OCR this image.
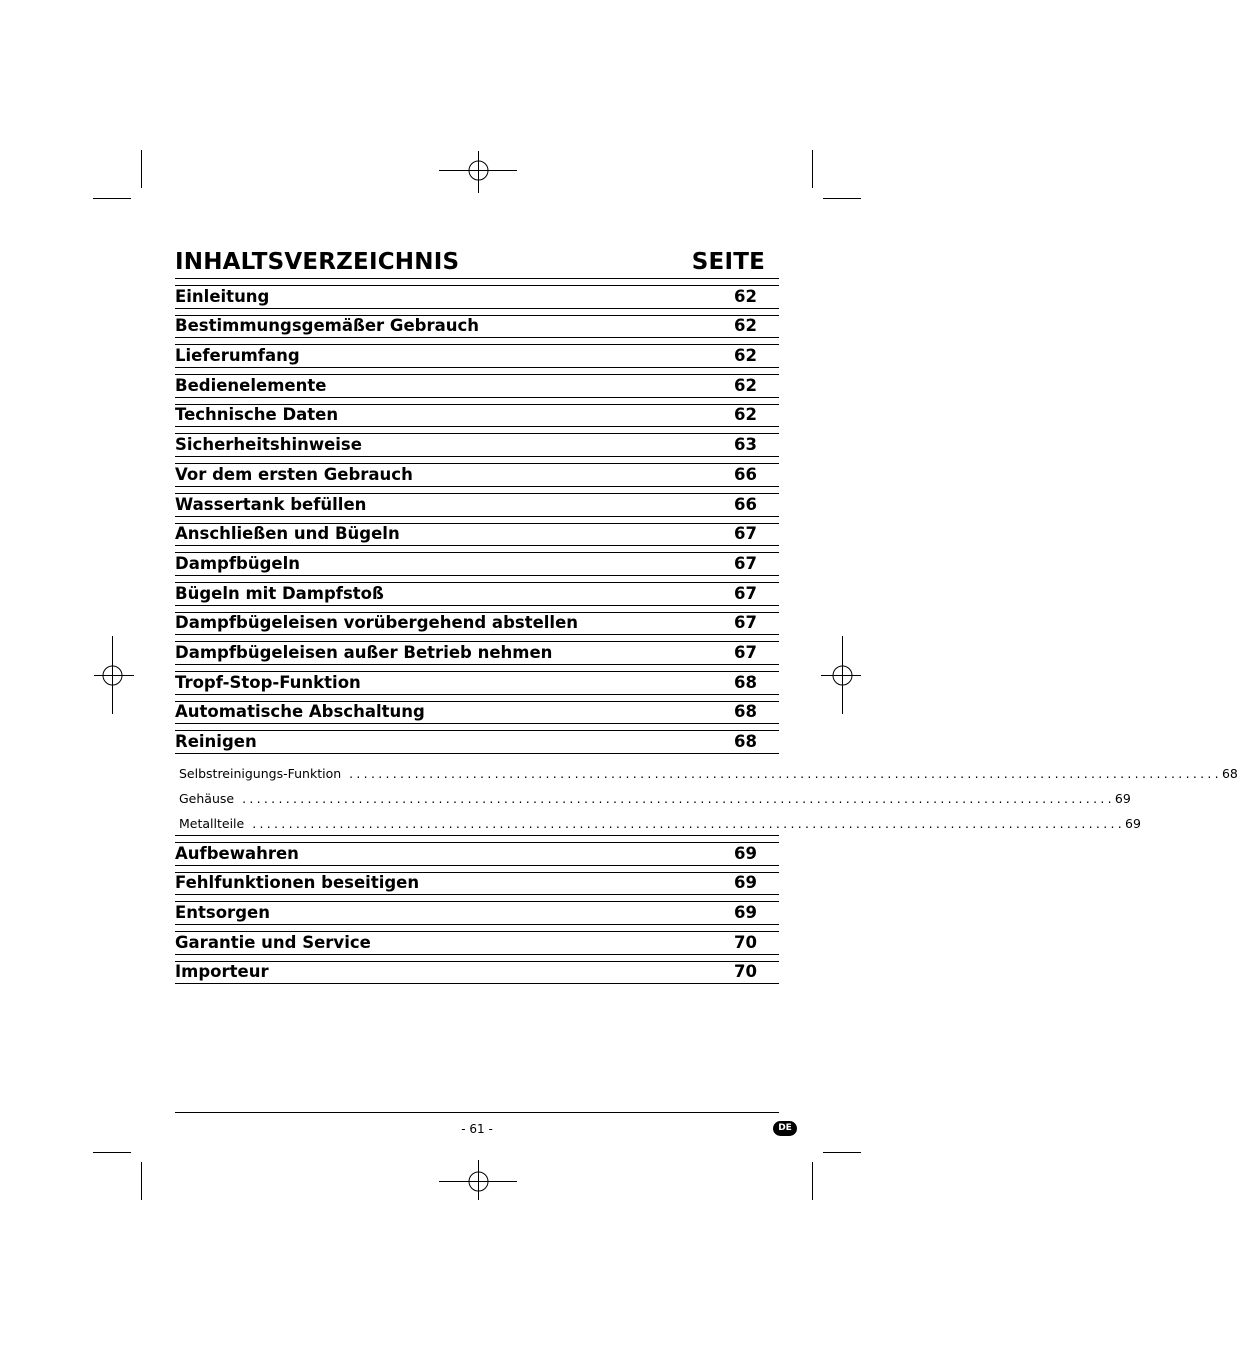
INHALTSVERZEICHNIS	SEITE
Einleitung	62
Bestimmungsgemäßer Gebrauch	62
Lieferumfang	62
Bedienelemente	62
Technische Daten	62
Sicherheitshinweise	63
Vor dem ersten Gebrauch	66
Wassertank befüllen	66
Anschließen und Bügeln	67
Dampfbügeln	67
Bügeln mit Dampfstoß	67
Dampfbügeleisen vorübergehend abstellen	67
Dampfbügeleisen außer Betrieb nehmen	67
Tropf-Stop-Funktion	68
Automatische Abschaltung	68
Reinigen	68
Selbstreinigungs-Funktion ........................................................................................................................ 68
Gehäuse ........................................................................................................................ 69
Metallteile ........................................................................................................................ 69
Aufbewahren	69
Fehlfunktionen beseitigen	69
Entsorgen	69
Garantie und Service	70
Importeur	70
- 61 -	DE
